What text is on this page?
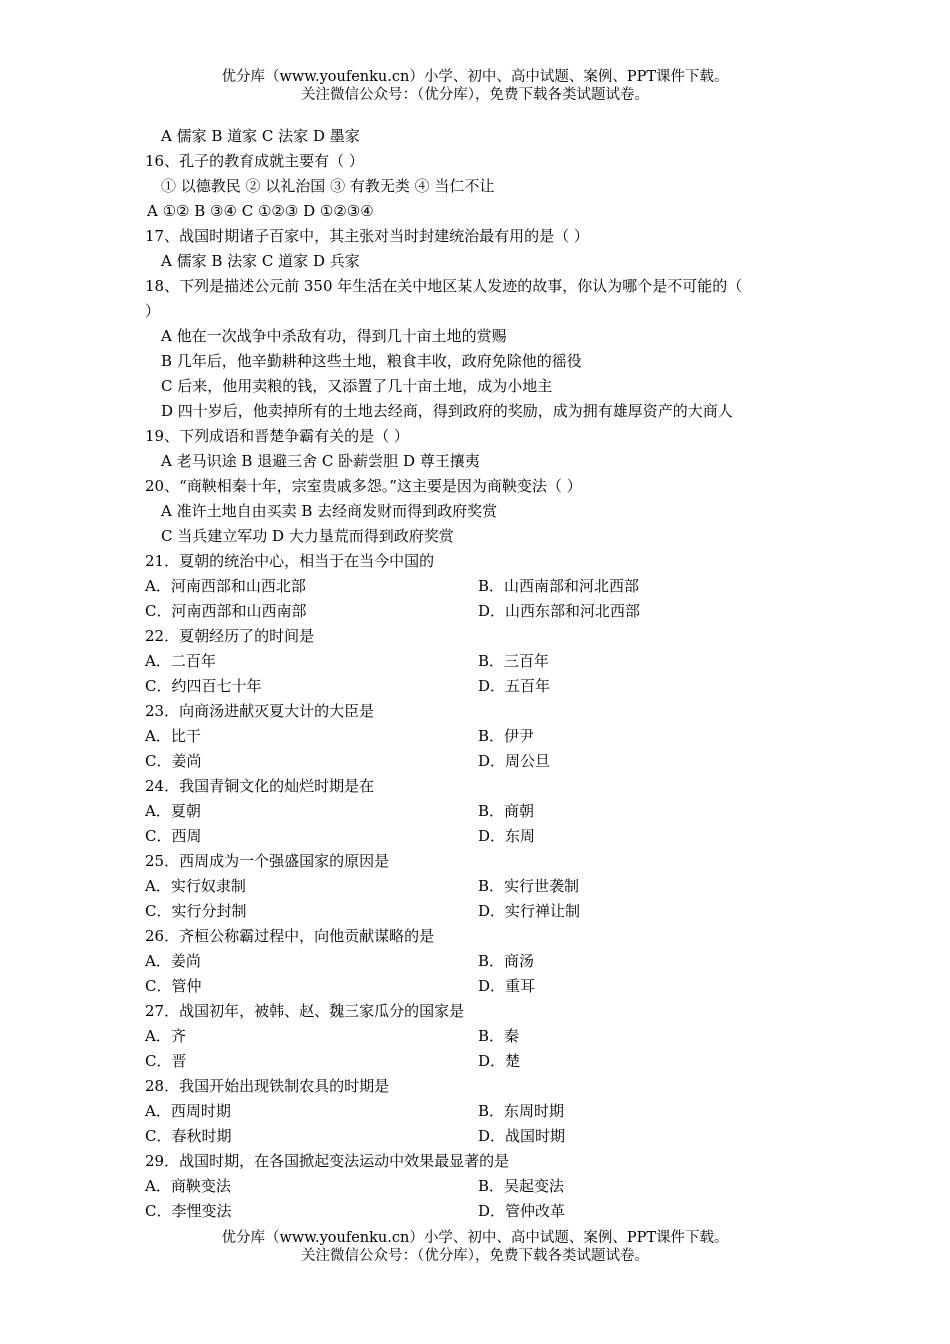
优分库（www.youfenku.cn）小学、初中、高中试题、案例、PPT课件下载。
关注微信公众号：（优分库），免费下载各类试题试卷。
A 儒家 B 道家 C 法家 D 墨家
16、孔子的教育成就主要有（ ）
① 以德教民 ② 以礼治国 ③ 有教无类 ④ 当仁不让
A ①② B ③④ C ①②③ D ①②③④
17、战国时期诸子百家中，其主张对当时封建统治最有用的是（ ）
A 儒家 B 法家 C 道家 D 兵家
18、下列是描述公元前 350 年生活在关中地区某人发迹的故事，你认为哪个是不可能的（
）
A 他在一次战争中杀敌有功，得到几十亩土地的赏赐
B 几年后，他辛勤耕种这些土地，粮食丰收，政府免除他的徭役
C 后来，他用卖粮的钱，又添置了几十亩土地，成为小地主
D 四十岁后，他卖掉所有的土地去经商，得到政府的奖励，成为拥有雄厚资产的大商人
19、下列成语和晋楚争霸有关的是（ ）
A 老马识途 B 退避三舍 C 卧薪尝胆 D 尊王攘夷
20、“商鞅相秦十年，宗室贵戚多怨。”这主要是因为商鞅变法（ ）
A 准许土地自由买卖 B 去经商发财而得到政府奖赏
C 当兵建立军功 D 大力垦荒而得到政府奖赏
21．夏朝的统治中心，相当于在当今中国的
A．河南西部和山西北部	B．山西南部和河北西部
C．河南西部和山西南部	D．山西东部和河北西部
22．夏朝经历了的时间是
A．二百年	B．三百年
C．约四百七十年	D．五百年
23．向商汤进献灭夏大计的大臣是
A．比干	B．伊尹
C．姜尚	D．周公旦
24．我国青铜文化的灿烂时期是在
A．夏朝	B．商朝
C．西周	D．东周
25．西周成为一个强盛国家的原因是
A．实行奴隶制	B．实行世袭制
C．实行分封制	D．实行禅让制
26．齐桓公称霸过程中，向他贡献谋略的是
A．姜尚	B．商汤
C．管仲	D．重耳
27．战国初年，被韩、赵、魏三家瓜分的国家是
A．齐	B．秦
C．晋	D．楚
28．我国开始出现铁制农具的时期是
A．西周时期	B．东周时期
C．春秋时期	D．战国时期
29．战国时期，在各国掀起变法运动中效果最显著的是
A．商鞅变法	B．吴起变法
C．李悝变法	D．管仲改革
优分库（www.youfenku.cn）小学、初中、高中试题、案例、PPT课件下载。
关注微信公众号：（优分库），免费下载各类试题试卷。
